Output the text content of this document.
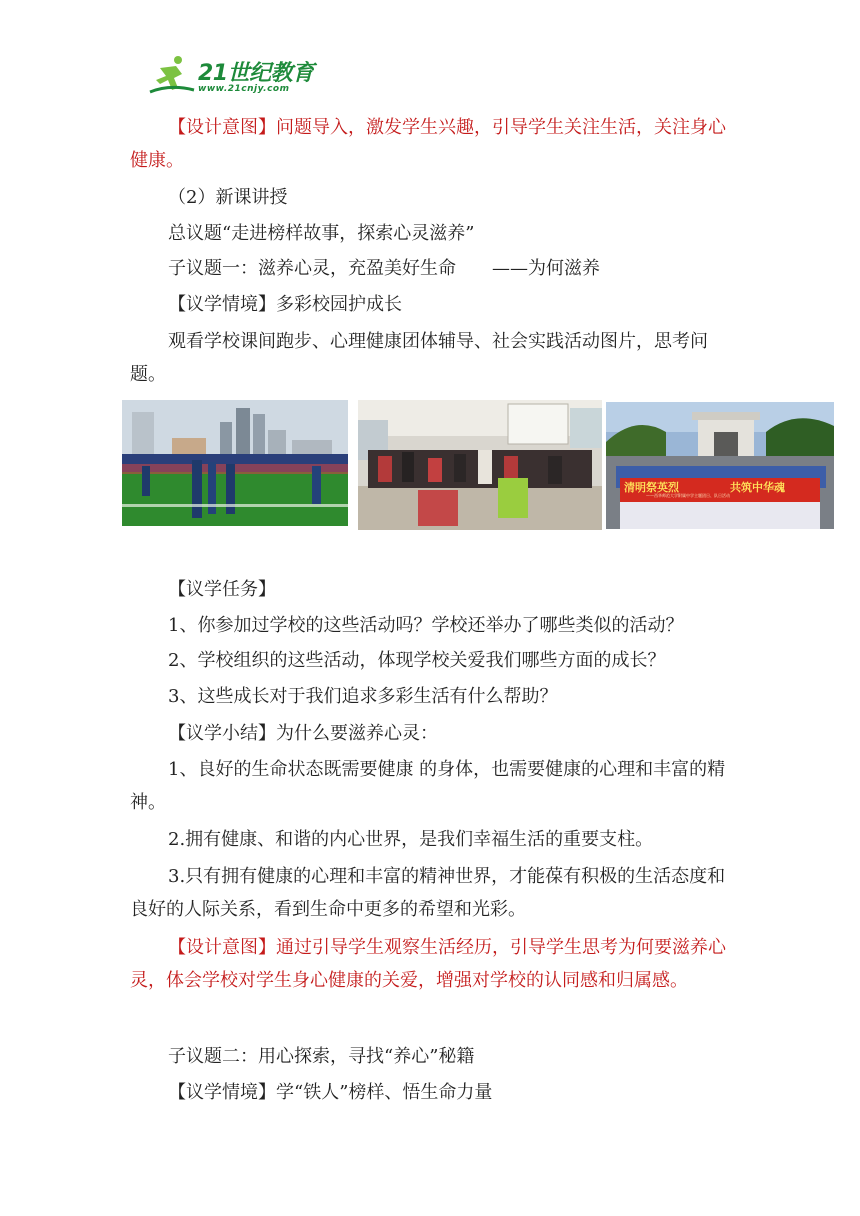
21世纪教育
www.21cnjy.com

【设计意图】问题导入，激发学生兴趣，引导学生关注生活，关注身心健康。

（2）新课讲授

总议题“走进榜样故事，探索心灵滋养”

子议题一：滋养心灵，充盈美好生命　　——为何滋养

【议学情境】多彩校园护成长

观看学校课间跑步、心理健康团体辅导、社会实践活动图片，思考问题。

清明祭英烈	共筑中华魂
——西华师范大学附属中学主题团日、队日活动

【议学任务】

1、你参加过学校的这些活动吗？学校还举办了哪些类似的活动？

2、学校组织的这些活动，体现学校关爱我们哪些方面的成长？

3、这些成长对于我们追求多彩生活有什么帮助？

【议学小结】为什么要滋养心灵：

1、良好的生命状态既需要健康 的身体，也需要健康的心理和丰富的精神。

2.拥有健康、和谐的内心世界，是我们幸福生活的重要支柱。

3.只有拥有健康的心理和丰富的精神世界，才能葆有积极的生活态度和良好的人际关系，看到生命中更多的希望和光彩。

【设计意图】通过引导学生观察生活经历，引导学生思考为何要滋养心灵，体会学校对学生身心健康的关爱，增强对学校的认同感和归属感。

子议题二：用心探索，寻找“养心”秘籍

【议学情境】学“铁人”榜样、悟生命力量
